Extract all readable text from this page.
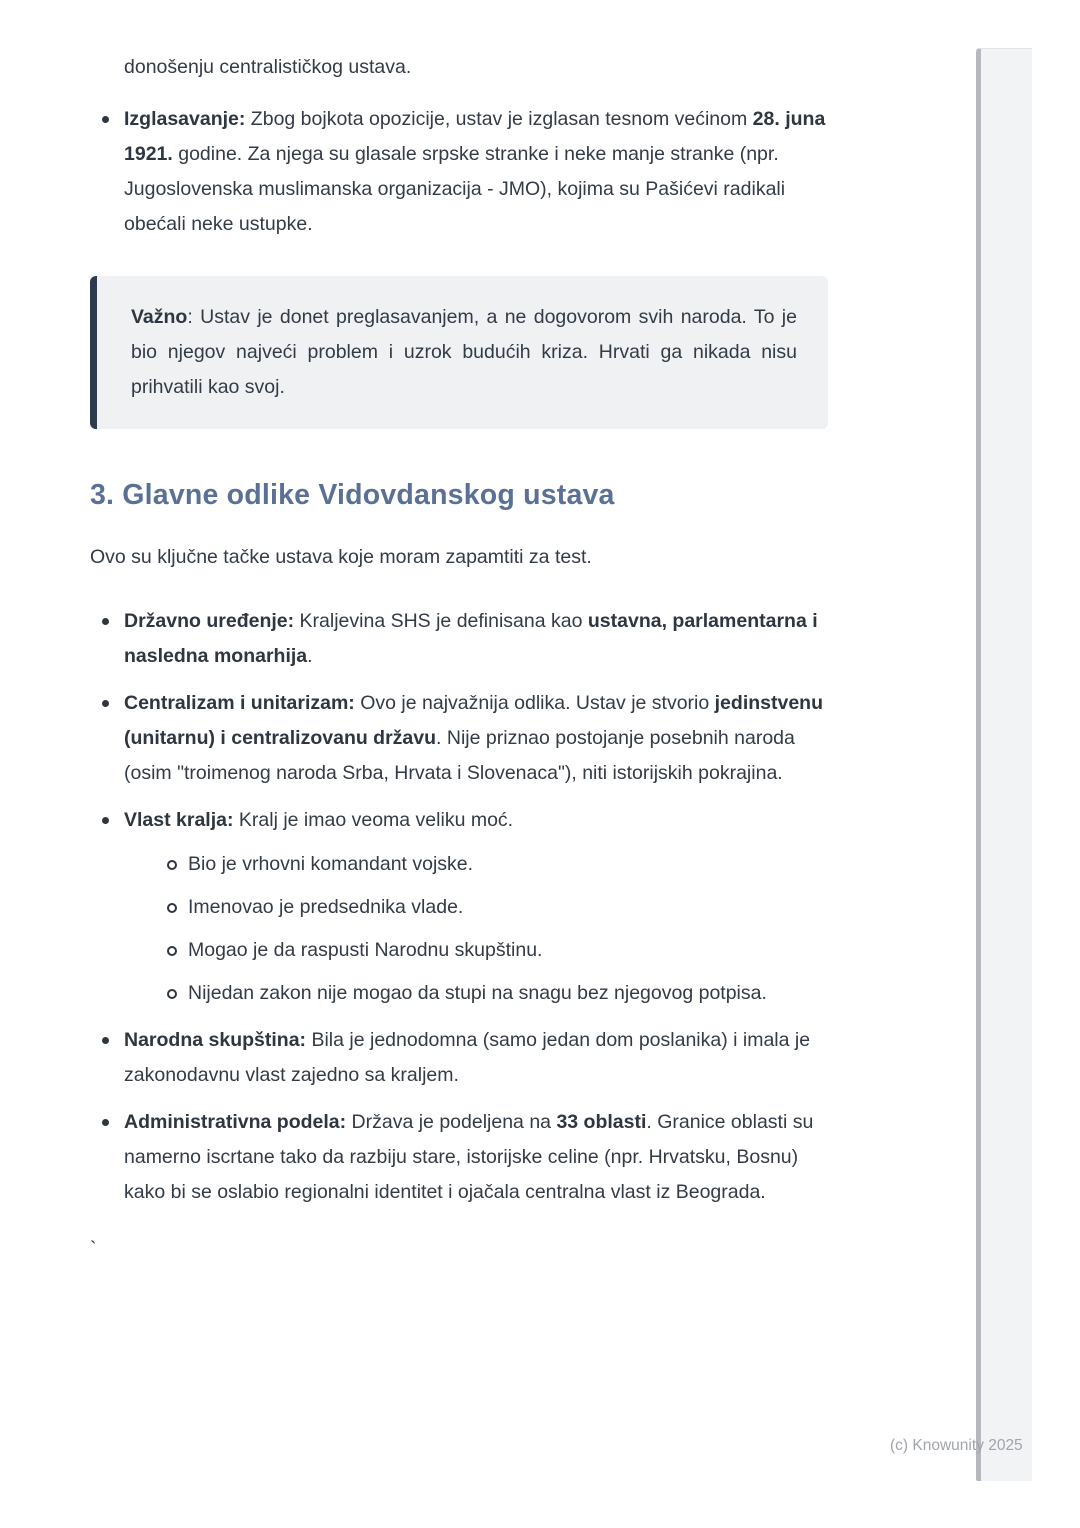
donošenju centralističkog ustava.

Izglasavanje: Zbog bojkota opozicije, ustav je izglasan tesnom većinom 28. juna 1921. godine. Za njega su glasale srpske stranke i neke manje stranke (npr. Jugoslovenska muslimanska organizacija - JMO), kojima su Pašićevi radikali obećali neke ustupke.
Važno: Ustav je donet preglasavanjem, a ne dogovorom svih naroda. To je bio njegov najveći problem i uzrok budućih kriza. Hrvati ga nikada nisu prihvatili kao svoj.
3. Glavne odlike Vidovdanskog ustava

Ovo su ključne tačke ustava koje moram zapamtiti za test.

Državno uređenje: Kraljevina SHS je definisana kao ustavna, parlamentarna i nasledna monarhija.
Centralizam i unitarizam: Ovo je najvažnija odlika. Ustav je stvorio jedinstvenu (unitarnu) i centralizovanu državu. Nije priznao postojanje posebnih naroda (osim "troimenog naroda Srba, Hrvata i Slovenaca"), niti istorijskih pokrajina.
Vlast kralja: Kralj je imao veoma veliku moć.
Bio je vrhovni komandant vojske.
Imenovao je predsednika vlade.
Mogao je da raspusti Narodnu skupštinu.
Nijedan zakon nije mogao da stupi na snagu bez njegovog potpisa.
Narodna skupština: Bila je jednodomna (samo jedan dom poslanika) i imala je zakonodavnu vlast zajedno sa kraljem.
Administrativna podela: Država je podeljena na 33 oblasti. Granice oblasti su namerno iscrtane tako da razbiju stare, istorijske celine (npr. Hrvatsku, Bosnu) kako bi se oslabio regionalni identitet i ojačala centralna vlast iz Beograda.

`

(c) Knowunity 2025
